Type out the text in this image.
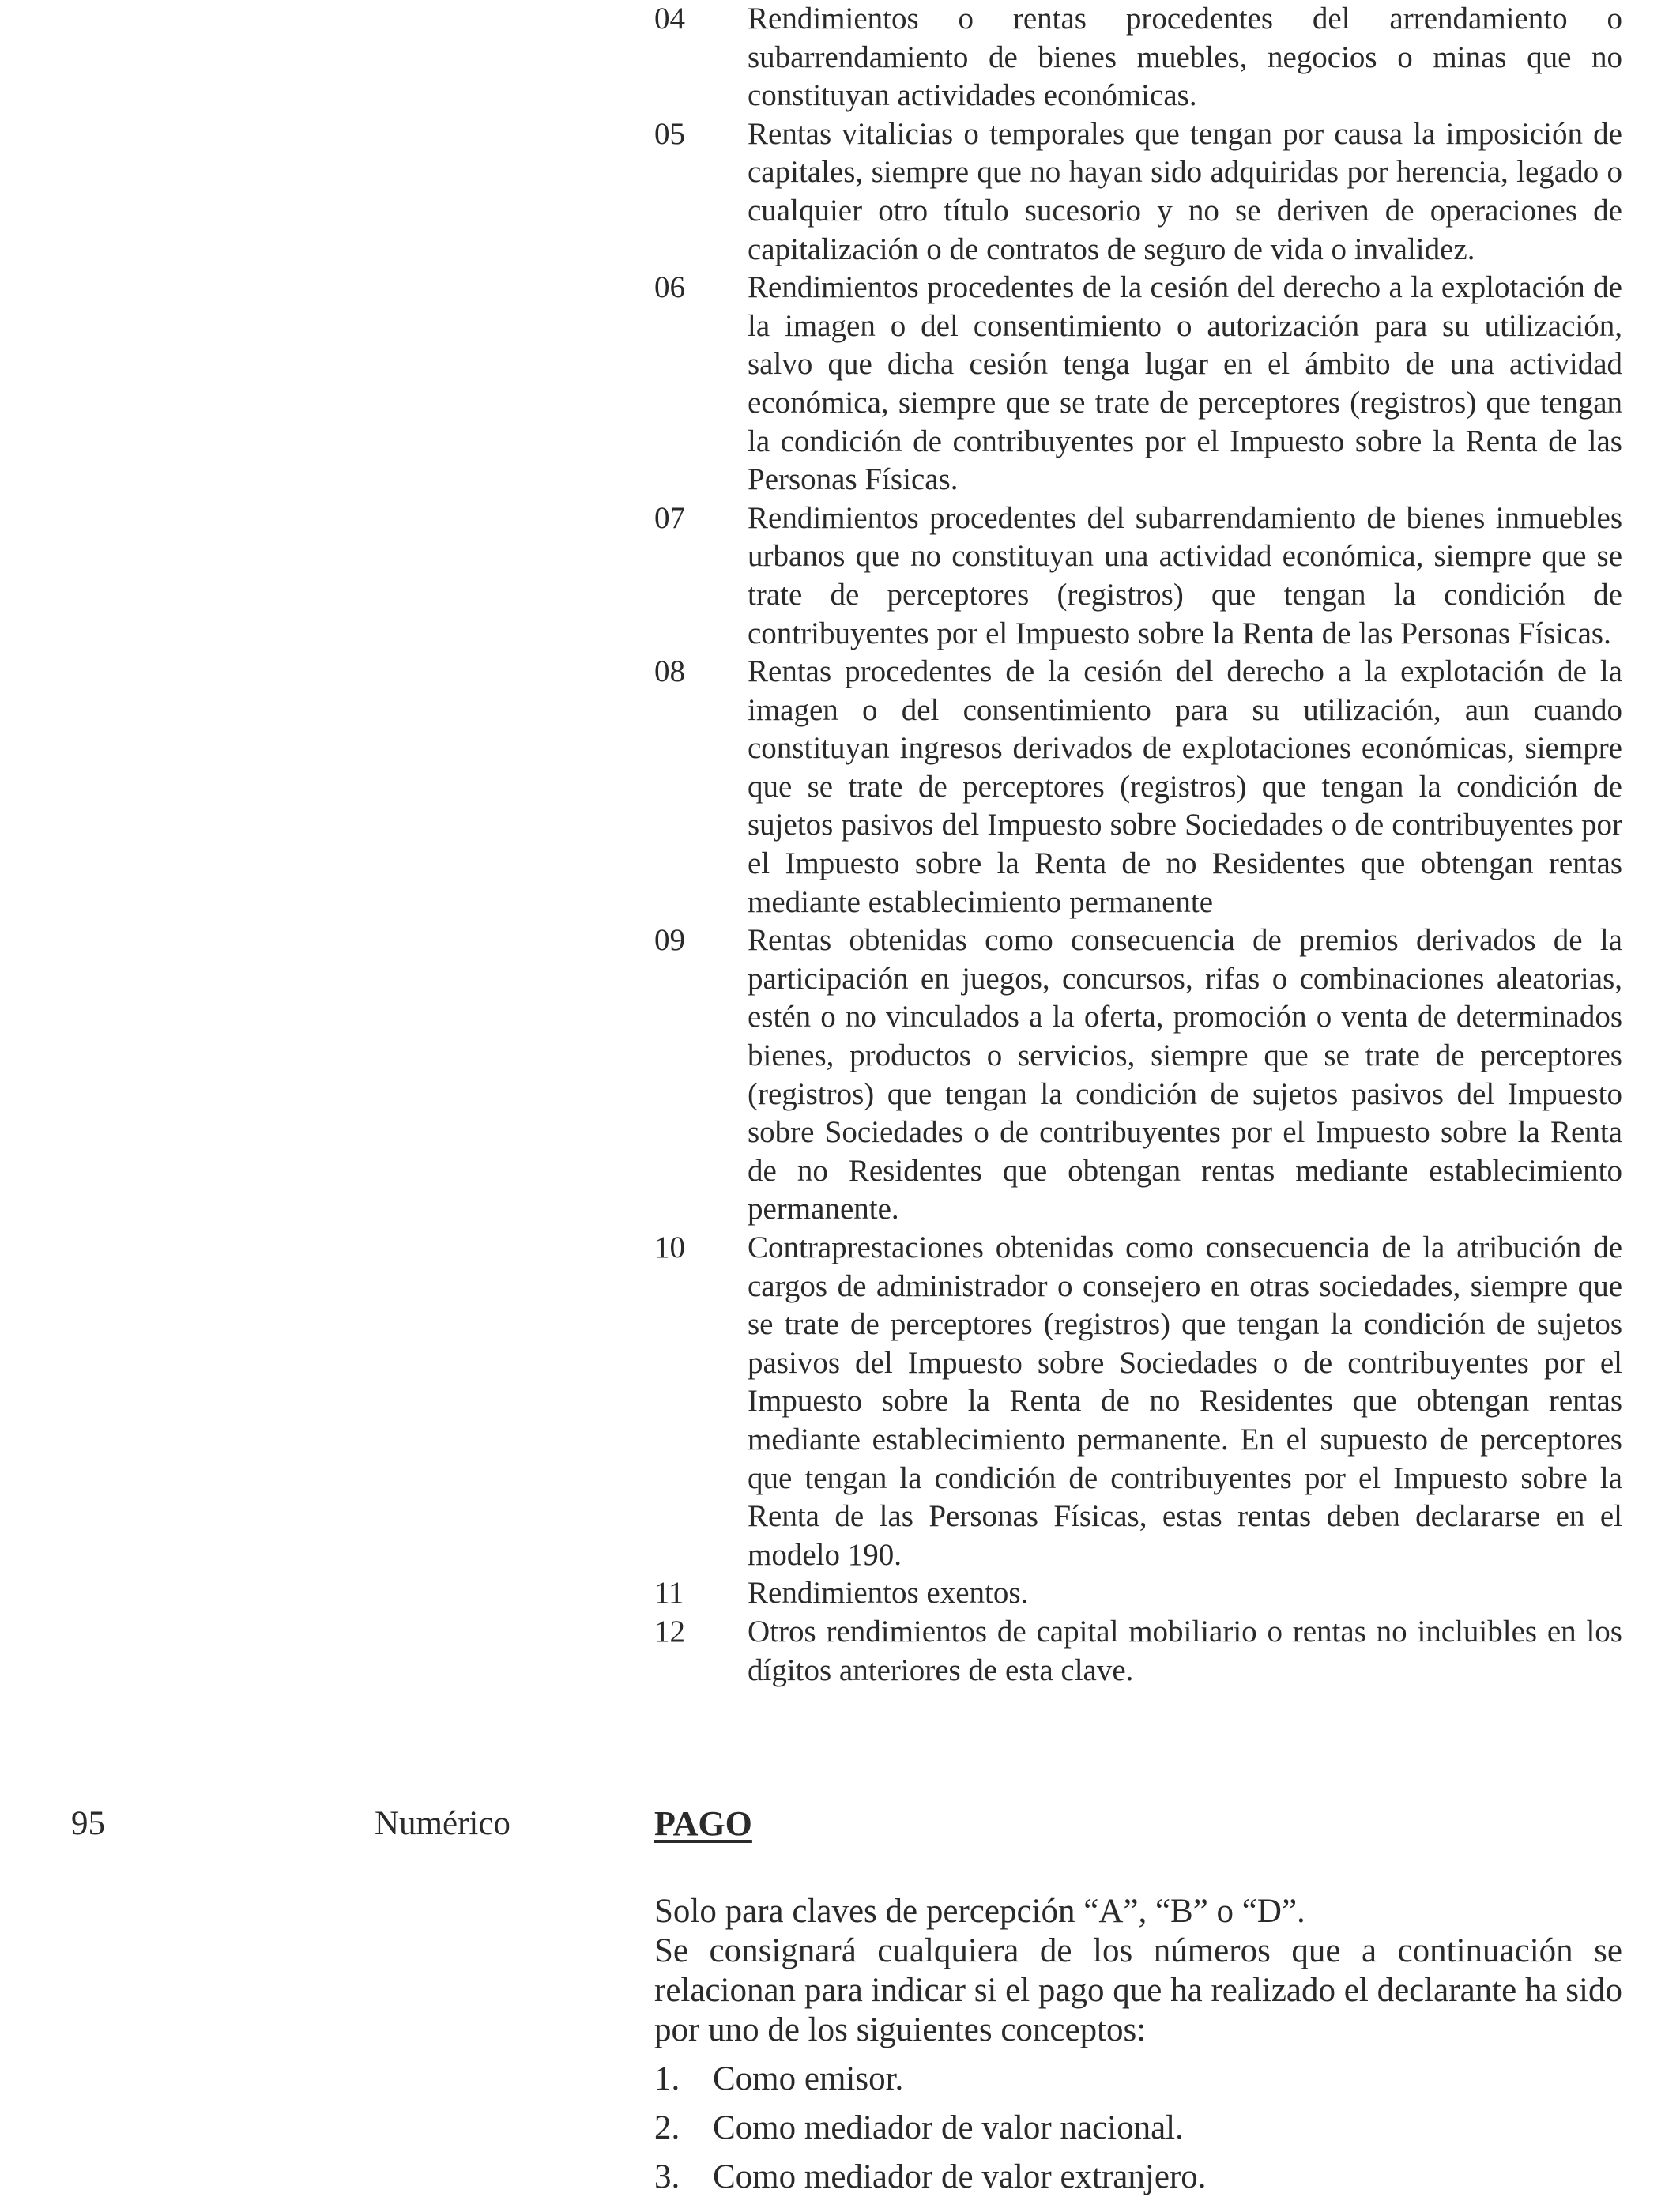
04	Rendimientos o rentas procedentes del arrendamiento o subarrendamiento de bienes muebles, negocios o minas que no constituyan actividades económicas.
05	Rentas vitalicias o temporales que tengan por causa la imposición de capitales, siempre que no hayan sido adquiridas por herencia, legado o cualquier otro título sucesorio y no se deriven de operaciones de capitalización o de contratos de seguro de vida o invalidez.
06	Rendimientos procedentes de la cesión del derecho a la explotación de la imagen o del consentimiento o autorización para su utilización, salvo que dicha cesión tenga lugar en el ámbito de una actividad económica, siempre que se trate de perceptores (registros) que tengan la condición de contribuyentes por el Impuesto sobre la Renta de las Personas Físicas.
07	Rendimientos procedentes del subarrendamiento de bienes inmuebles urbanos que no constituyan una actividad económica, siempre que se trate de perceptores (registros) que tengan la condición de contribuyentes por el Impuesto sobre la Renta de las Personas Físicas.
08	Rentas procedentes de la cesión del derecho a la explotación de la imagen o del consentimiento para su utilización, aun cuando constituyan ingresos derivados de explotaciones económicas, siempre que se trate de perceptores (registros) que tengan la condición de sujetos pasivos del Impuesto sobre Sociedades o de contribuyentes por el Impuesto sobre la Renta de no Residentes que obtengan rentas mediante establecimiento permanente
09	Rentas obtenidas como consecuencia de premios derivados de la participación en juegos, concursos, rifas o combinaciones aleatorias, estén o no vinculados a la oferta, promoción o venta de determinados bienes, productos o servicios, siempre que se trate de perceptores (registros) que tengan la condición de sujetos pasivos del Impuesto sobre Sociedades o de contribuyentes por el Impuesto sobre la Renta de no Residentes que obtengan rentas mediante establecimiento permanente.
10	Contraprestaciones obtenidas como consecuencia de la atribución de cargos de administrador o consejero en otras sociedades, siempre que se trate de perceptores (registros) que tengan la condición de sujetos pasivos del Impuesto sobre Sociedades o de contribuyentes por el Impuesto sobre la Renta de no Residentes que obtengan rentas mediante establecimiento permanente. En el supuesto de perceptores que tengan la condición de contribuyentes por el Impuesto sobre la Renta de las Personas Físicas, estas rentas deben declararse en el modelo 190.
11	Rendimientos exentos.
12	Otros rendimientos de capital mobiliario o rentas no incluibles en los dígitos anteriores de esta clave.
95	Numérico	PAGO

Solo para claves de percepción “A”, “B” o “D”.

Se consignará cualquiera de los números que a continuación se relacionan para indicar si el pago que ha realizado el declarante ha sido por uno de los siguientes conceptos:

1. Como emisor.
2. Como mediador de valor nacional.
3. Como mediador de valor extranjero.
